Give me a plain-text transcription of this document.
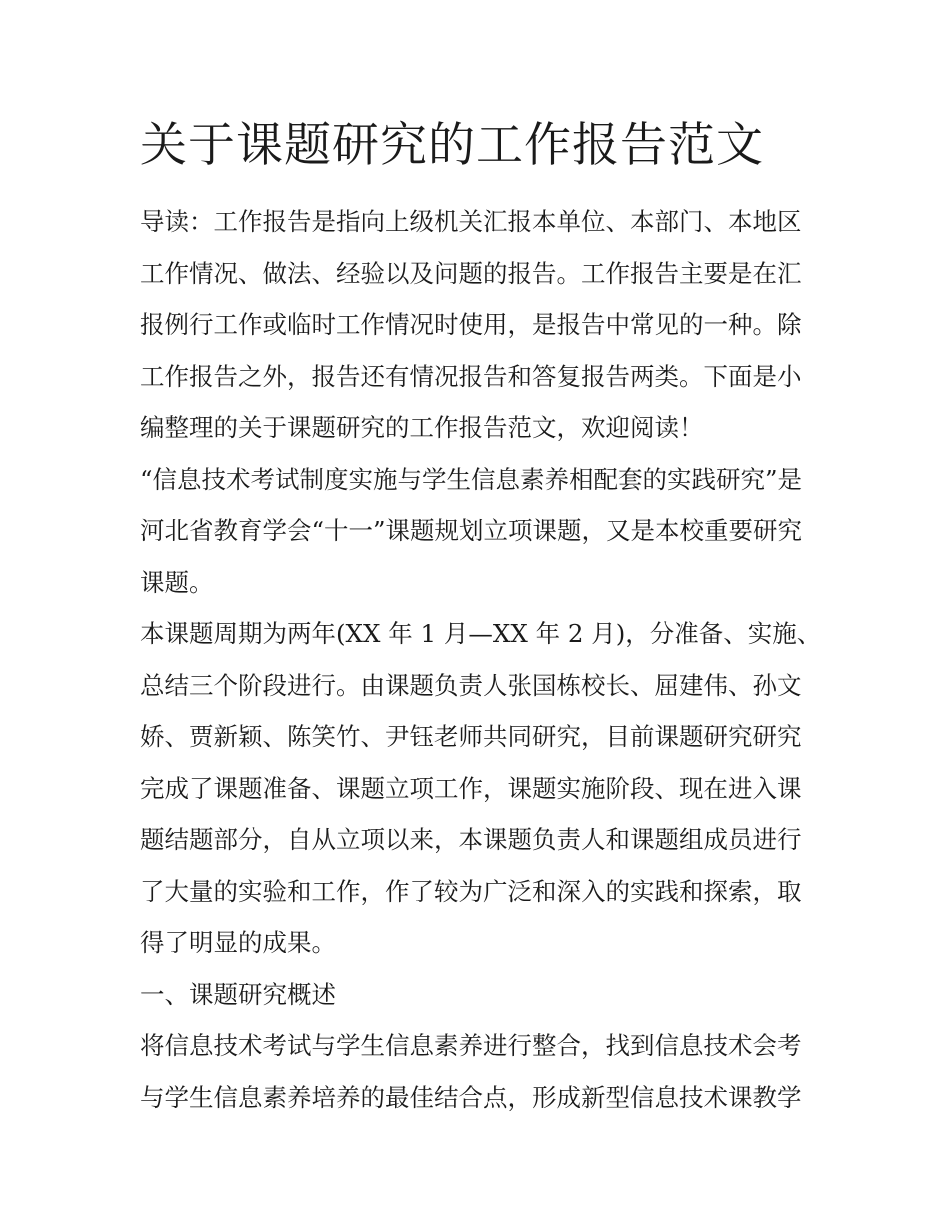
关于课题研究的工作报告范文
导读：工作报告是指向上级机关汇报本单位、本部门、本地区
工作情况、做法、经验以及问题的报告。工作报告主要是在汇
报例行工作或临时工作情况时使用，是报告中常见的一种。除
工作报告之外，报告还有情况报告和答复报告两类。下面是小
编整理的关于课题研究的工作报告范文，欢迎阅读！
“信息技术考试制度实施与学生信息素养相配套的实践研究”是
河北省教育学会“十一”课题规划立项课题，又是本校重要研究
课题。
本课题周期为两年(XX 年 1 月—XX 年 2 月)，分准备、实施、
总结三个阶段进行。由课题负责人张国栋校长、屈建伟、孙文
娇、贾新颖、陈笑竹、尹钰老师共同研究，目前课题研究研究
完成了课题准备、课题立项工作，课题实施阶段、现在进入课
题结题部分，自从立项以来，本课题负责人和课题组成员进行
了大量的实验和工作，作了较为广泛和深入的实践和探索，取
得了明显的成果。
一、课题研究概述
将信息技术考试与学生信息素养进行整合，找到信息技术会考
与学生信息素养培养的最佳结合点，形成新型信息技术课教学
